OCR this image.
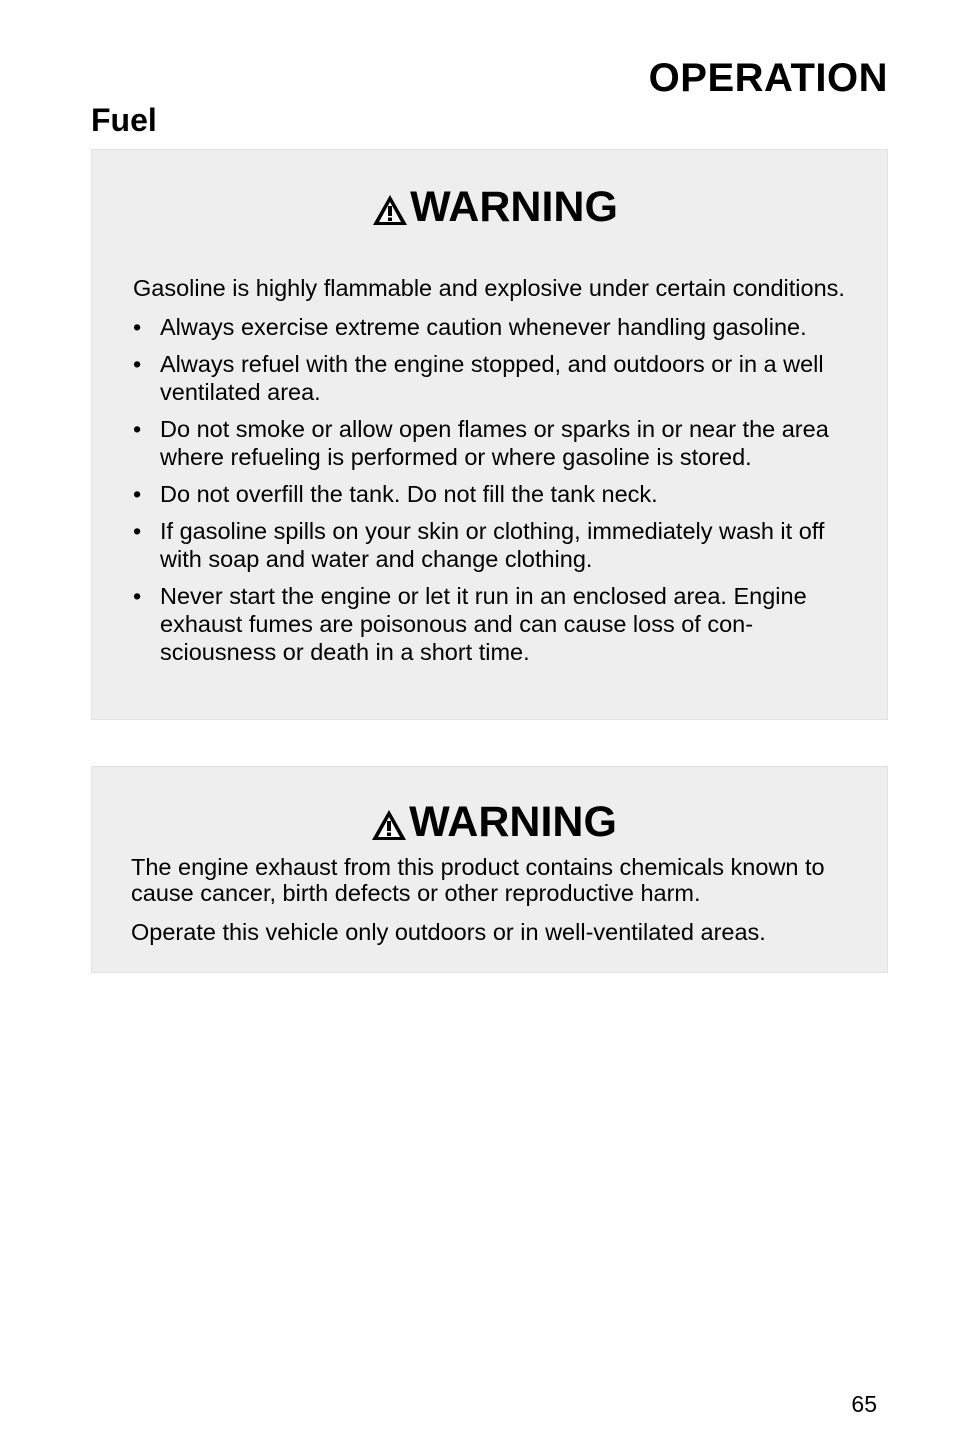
OPERATION
Fuel
WARNING

Gasoline is highly flammable and explosive under certain conditions.

• Always exercise extreme caution whenever handling gasoline.
• Always refuel with the engine stopped, and outdoors or in a well ventilated area.
• Do not smoke or allow open flames or sparks in or near the area where refueling is performed or where gasoline is stored.
• Do not overfill the tank. Do not fill the tank neck.
• If gasoline spills on your skin or clothing, immediately wash it off with soap and water and change clothing.
• Never start the engine or let it run in an enclosed area. Engine exhaust fumes are poisonous and can cause loss of con-sciousness or death in a short time.
WARNING

The engine exhaust from this product contains chemicals known to cause cancer, birth defects or other reproductive harm.

Operate this vehicle only outdoors or in well-ventilated areas.

65
